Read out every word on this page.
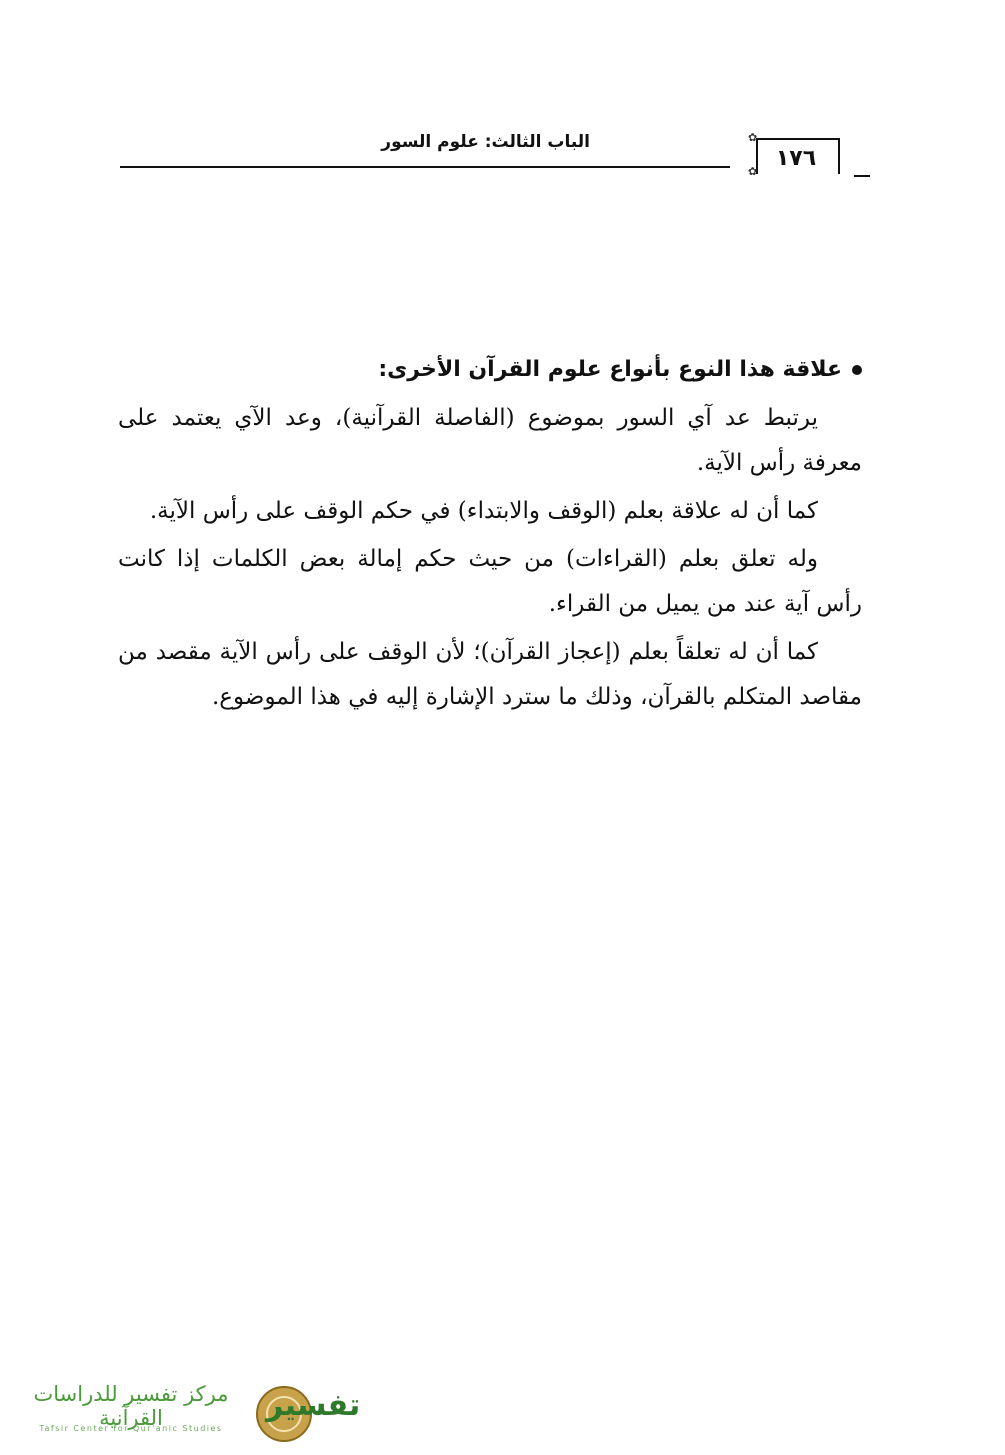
الباب الثالث: علوم السور	✿
✿
١٧٦
علاقة هذا النوع بأنواع علوم القرآن الأخرى:

يرتبط عد آي السور بموضوع (الفاصلة القرآنية)، وعد الآي يعتمد على معرفة رأس الآية.

كما أن له علاقة بعلم (الوقف والابتداء) في حكم الوقف على رأس الآية.

وله تعلق بعلم (القراءات) من حيث حكم إمالة بعض الكلمات إذا كانت رأس آية عند من يميل من القراء.

كما أن له تعلقاً بعلم (إعجاز القرآن)؛ لأن الوقف على رأس الآية مقصد من مقاصد المتكلم بالقرآن، وذلك ما سترد الإشارة إليه في هذا الموضوع.

تفسير
مركز تفسير للدراسات القرآنية
Tafsir Center for Qur'anic Studies
